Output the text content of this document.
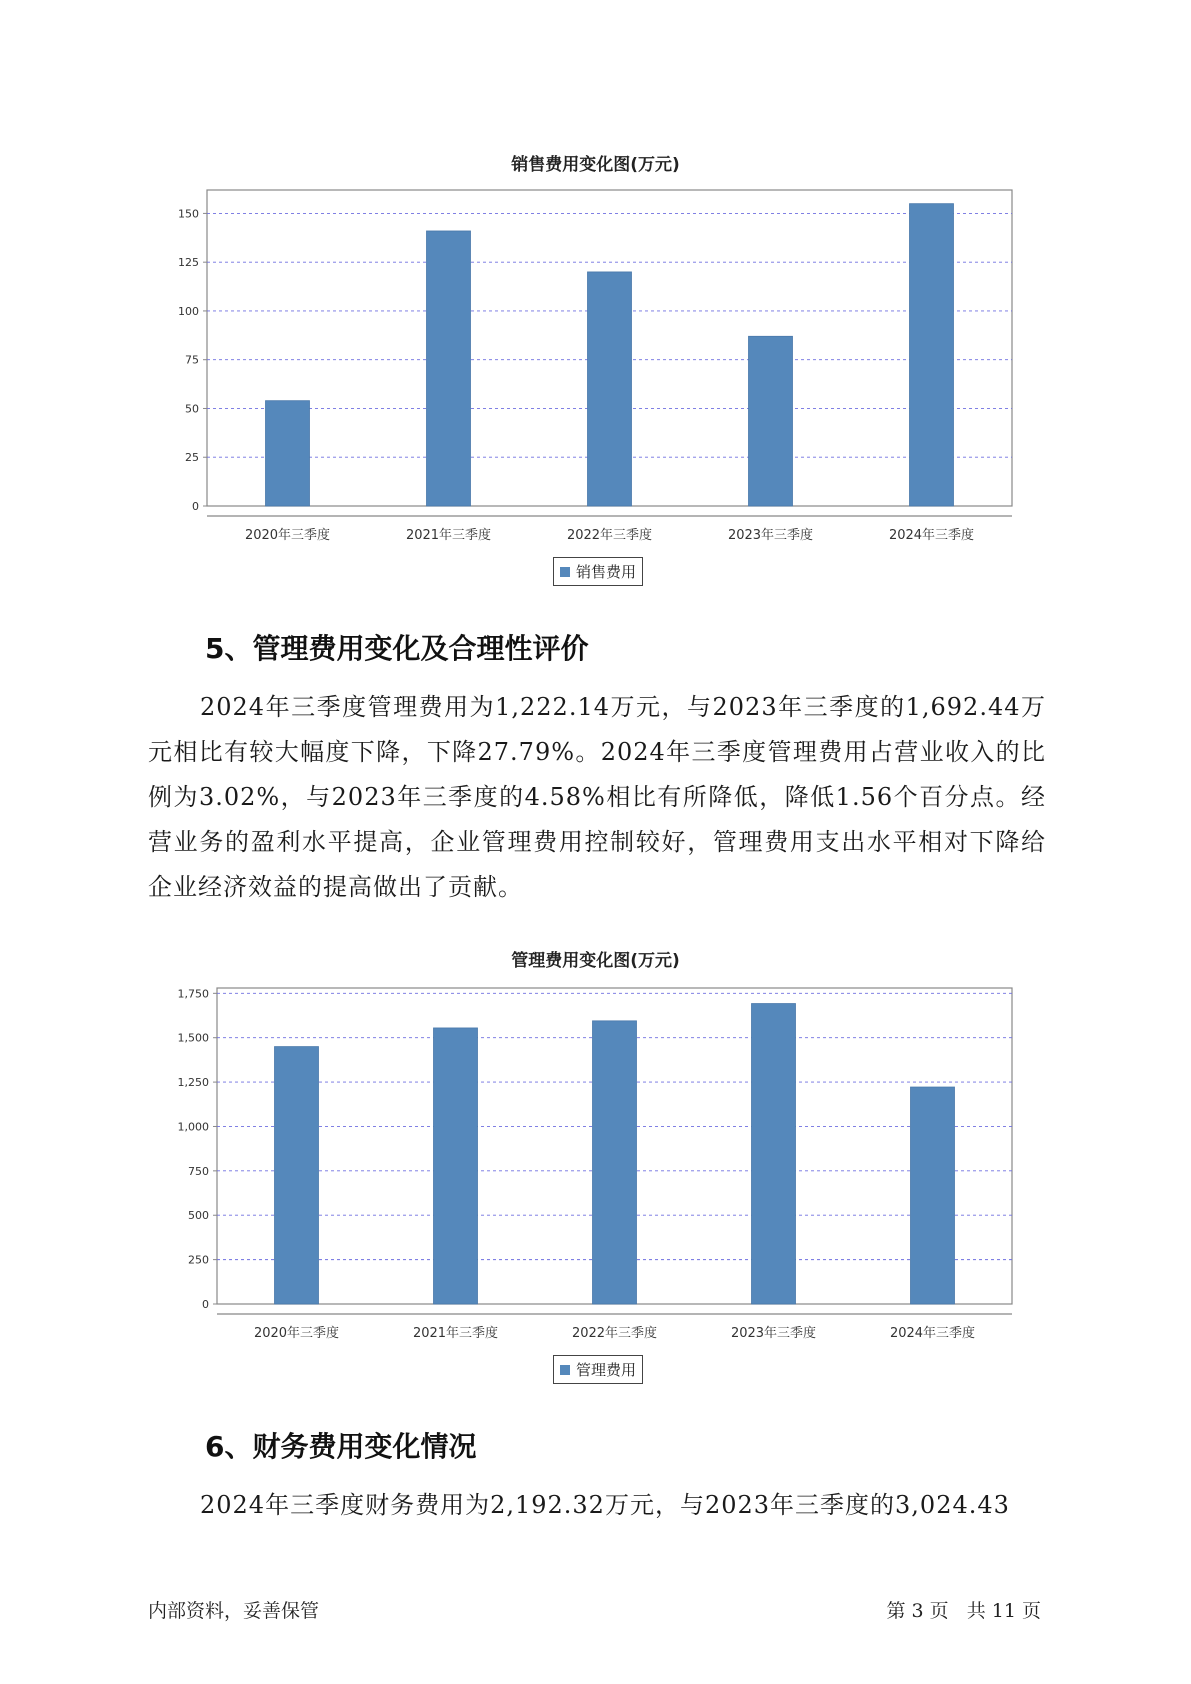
销售费用变化图(万元)
0
25
50
75
100
125
150
2020年三季度	2021年三季度	2022年三季度	2023年三季度	2024年三季度
销售费用
5、管理费用变化及合理性评价

2024年三季度管理费用为1,222.14万元，与2023年三季度的1,692.44万元相比有较大幅度下降，下降27.79%。2024年三季度管理费用占营业收入的比例为3.02%，与2023年三季度的4.58%相比有所降低，降低1.56个百分点。经营业务的盈利水平提高，企业管理费用控制较好，管理费用支出水平相对下降给企业经济效益的提高做出了贡献。

管理费用变化图(万元)
0
250
500
750
1,000
1,250
1,500
1,750
2020年三季度	2021年三季度	2022年三季度	2023年三季度	2024年三季度
管理费用
6、财务费用变化情况

2024年三季度财务费用为2,192.32万元，与2023年三季度的3,024.43

内部资料，妥善保管	第 3 页   共 11 页
